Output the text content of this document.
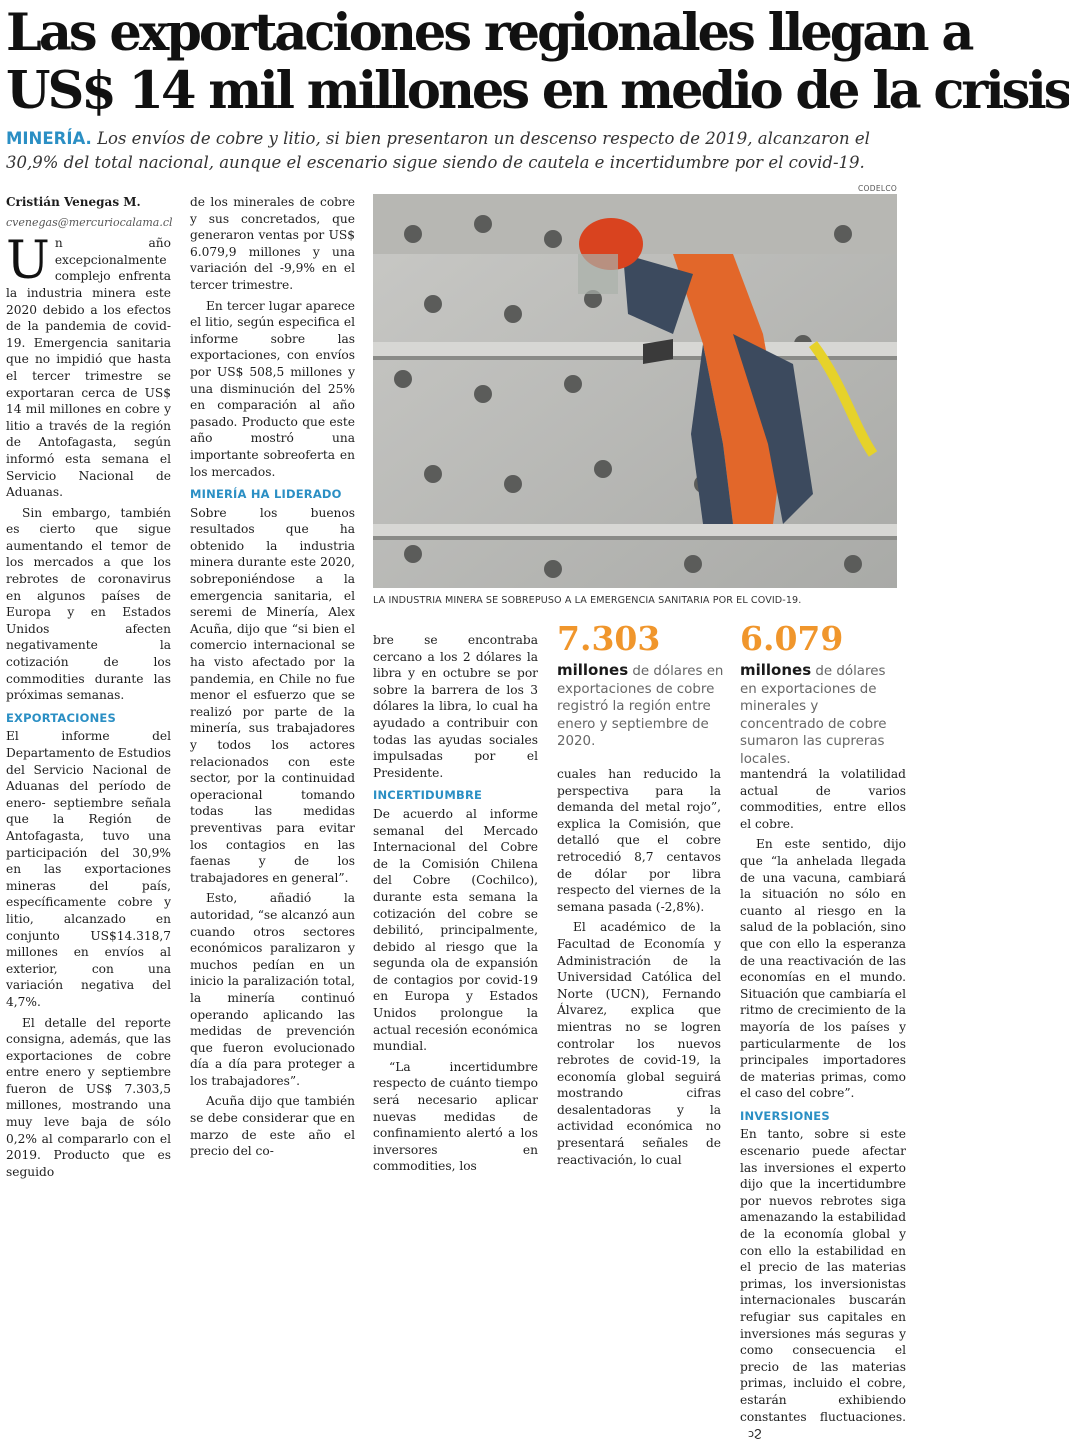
Las exportaciones regionales llegan a
US$ 14 mil millones en medio de la crisis

MINERÍA. Los envíos de cobre y litio, si bien presentaron un descenso respecto de 2019, alcanzaron el 30,9% del total nacional, aunque el escenario sigue siendo de cautela e incertidumbre por el covid-19.

Cristián Venegas M.

cvenegas@mercuriocalama.cl

Un año excepcionalmente complejo enfrenta la industria minera este 2020 debido a los efectos de la pandemia de covid-19. Emergencia sanitaria que no impidió que hasta el tercer trimestre se exportaran cerca de US$ 14 mil millones en cobre y litio a través de la región de Antofagasta, según informó esta semana el Servicio Nacional de Aduanas.

Sin embargo, también es cierto que sigue aumentando el temor de los mercados a que los rebrotes de coronavirus en algunos países de Europa y en Estados Unidos afecten negativamente la cotización de los commodities durante las próximas semanas.

EXPORTACIONES

El informe del Departamento de Estudios del Servicio Nacional de Aduanas del período de enero- septiembre señala que la Región de Antofagasta, tuvo una participación del 30,9% en las exportaciones mineras del país, específicamente cobre y litio, alcanzado en conjunto US$14.318,7 millones en envíos al exterior, con una variación negativa del 4,7%.

El detalle del reporte consigna, además, que las exportaciones de cobre entre enero y septiembre fueron de US$ 7.303,5 millones, mostrando una muy leve baja de sólo 0,2% al compararlo con el 2019. Producto que es seguido

de los minerales de cobre y sus concretados, que generaron ventas por US$ 6.079,9 millones y una variación del -9,9% en el tercer trimestre.

En tercer lugar aparece el litio, según especifica el informe sobre las exportaciones, con envíos por US$ 508,5 millones y una disminución del 25% en comparación al año pasado. Producto que este año mostró una importante sobreoferta en los mercados.

MINERÍA HA LIDERADO

Sobre los buenos resultados que ha obtenido la industria minera durante este 2020, sobreponiéndose a la emergencia sanitaria, el seremi de Minería, Alex Acuña, dijo que “si bien el comercio internacional se ha visto afectado por la pandemia, en Chile no fue menor el esfuerzo que se realizó por parte de la minería, sus trabajadores y todos los actores relacionados con este sector, por la continuidad operacional tomando todas las medidas preventivas para evitar los contagios en las faenas y de los trabajadores en general”.

Esto, añadió la autoridad, “se alcanzó aun cuando otros sectores económicos paralizaron y muchos pedían en un inicio la paralización total, la minería continuó operando aplicando las medidas de prevención que fueron evolucionado día a día para proteger a los trabajadores”.

Acuña dijo que también se debe considerar que en marzo de este año el precio del co-

CODELCO
LA INDUSTRIA MINERA SE SOBREPUSO A LA EMERGENCIA SANITARIA POR EL COVID-19.
7.303
millones de dólares en exportaciones de cobre registró la región entre enero y septiembre de 2020.
6.079
millones de dólares en exportaciones de minerales y concentrado de cobre sumaron las cupreras locales.

bre se encontraba cercano a los 2 dólares la libra y en octubre se por sobre la barrera de los 3 dólares la libra, lo cual ha ayudado a contribuir con todas las ayudas sociales impulsadas por el Presidente.

INCERTIDUMBRE

De acuerdo al informe semanal del Mercado Internacional del Cobre de la Comisión Chilena del Cobre (Cochilco), durante esta semana la cotización del cobre se debilitó, principalmente, debido al riesgo que la segunda ola de expansión de contagios por covid-19 en Europa y Estados Unidos prolongue la actual recesión económica mundial.

“La incertidumbre respecto de cuánto tiempo será necesario aplicar nuevas medidas de confinamiento alertó a los inversores en commodities, los

cuales han reducido la perspectiva para la demanda del metal rojo”, explica la Comisión, que detalló que el cobre retrocedió 8,7 centavos de dólar por libra respecto del viernes de la semana pasada (-2,8%).

El académico de la Facultad de Economía y Administración de la Universidad Católica del Norte (UCN), Fernando Álvarez, explica que mientras no se logren controlar los nuevos rebrotes de covid-19, la economía global seguirá mostrando cifras desalentadoras y la actividad económica no presentará señales de reactivación, lo cual

mantendrá la volatilidad actual de varios commodities, entre ellos el cobre.

En este sentido, dijo que “la anhelada llegada de una vacuna, cambiará la situación no sólo en cuanto al riesgo en la salud de la población, sino que con ello la esperanza de una reactivación de las economías en el mundo. Situación que cambiaría el ritmo de crecimiento de la mayoría de los países y particularmente de los principales importadores de materias primas, como el caso del cobre”.

INVERSIONES

En tanto, sobre si este escenario puede afectar las inversiones el experto dijo que la incertidumbre por nuevos rebrotes siga amenazando la estabilidad de la economía global y con ello la estabilidad en el precio de las materias primas, los inversionistas internacionales buscarán refugiar sus capitales en inversiones más seguras y como consecuencia el precio de las materias primas, incluido el cobre, estarán exhibiendo constantes fluctuaciones.ↄϨ
